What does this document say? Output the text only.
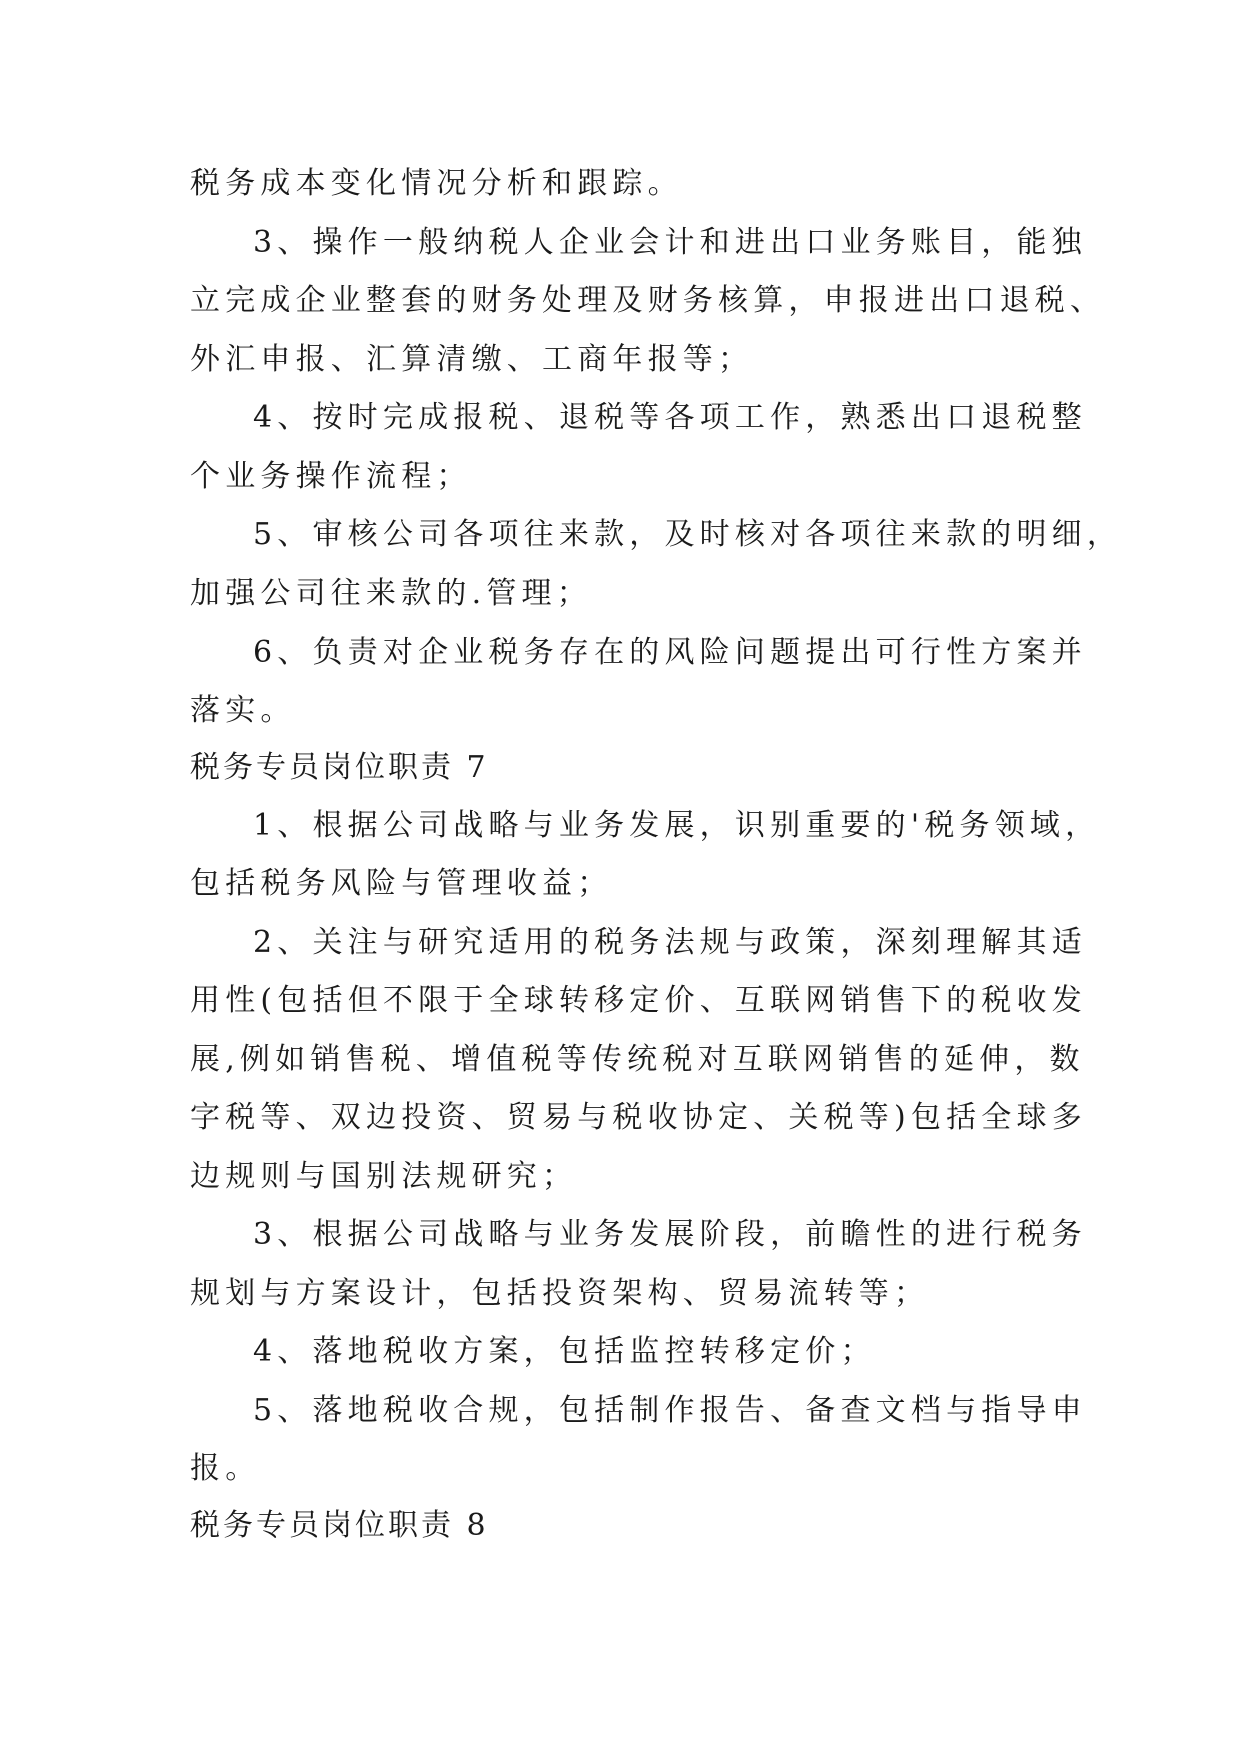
税务成本变化情况分析和跟踪。
3、操作一般纳税人企业会计和进出口业务账目，能独
立完成企业整套的财务处理及财务核算，申报进出口退税、
外汇申报、汇算清缴、工商年报等；
4、按时完成报税、退税等各项工作，熟悉出口退税整
个业务操作流程；
5、审核公司各项往来款，及时核对各项往来款的明细，
加强公司往来款的.管理；
6、负责对企业税务存在的风险问题提出可行性方案并
落实。
税务专员岗位职责 7
1、根据公司战略与业务发展，识别重要的'税务领域，
包括税务风险与管理收益；
2、关注与研究适用的税务法规与政策，深刻理解其适
用性(包括但不限于全球转移定价、互联网销售下的税收发
展,例如销售税、增值税等传统税对互联网销售的延伸，数
字税等、双边投资、贸易与税收协定、关税等)包括全球多
边规则与国别法规研究；
3、根据公司战略与业务发展阶段，前瞻性的进行税务
规划与方案设计，包括投资架构、贸易流转等；
4、落地税收方案，包括监控转移定价；
5、落地税收合规，包括制作报告、备查文档与指导申
报。
税务专员岗位职责 8
